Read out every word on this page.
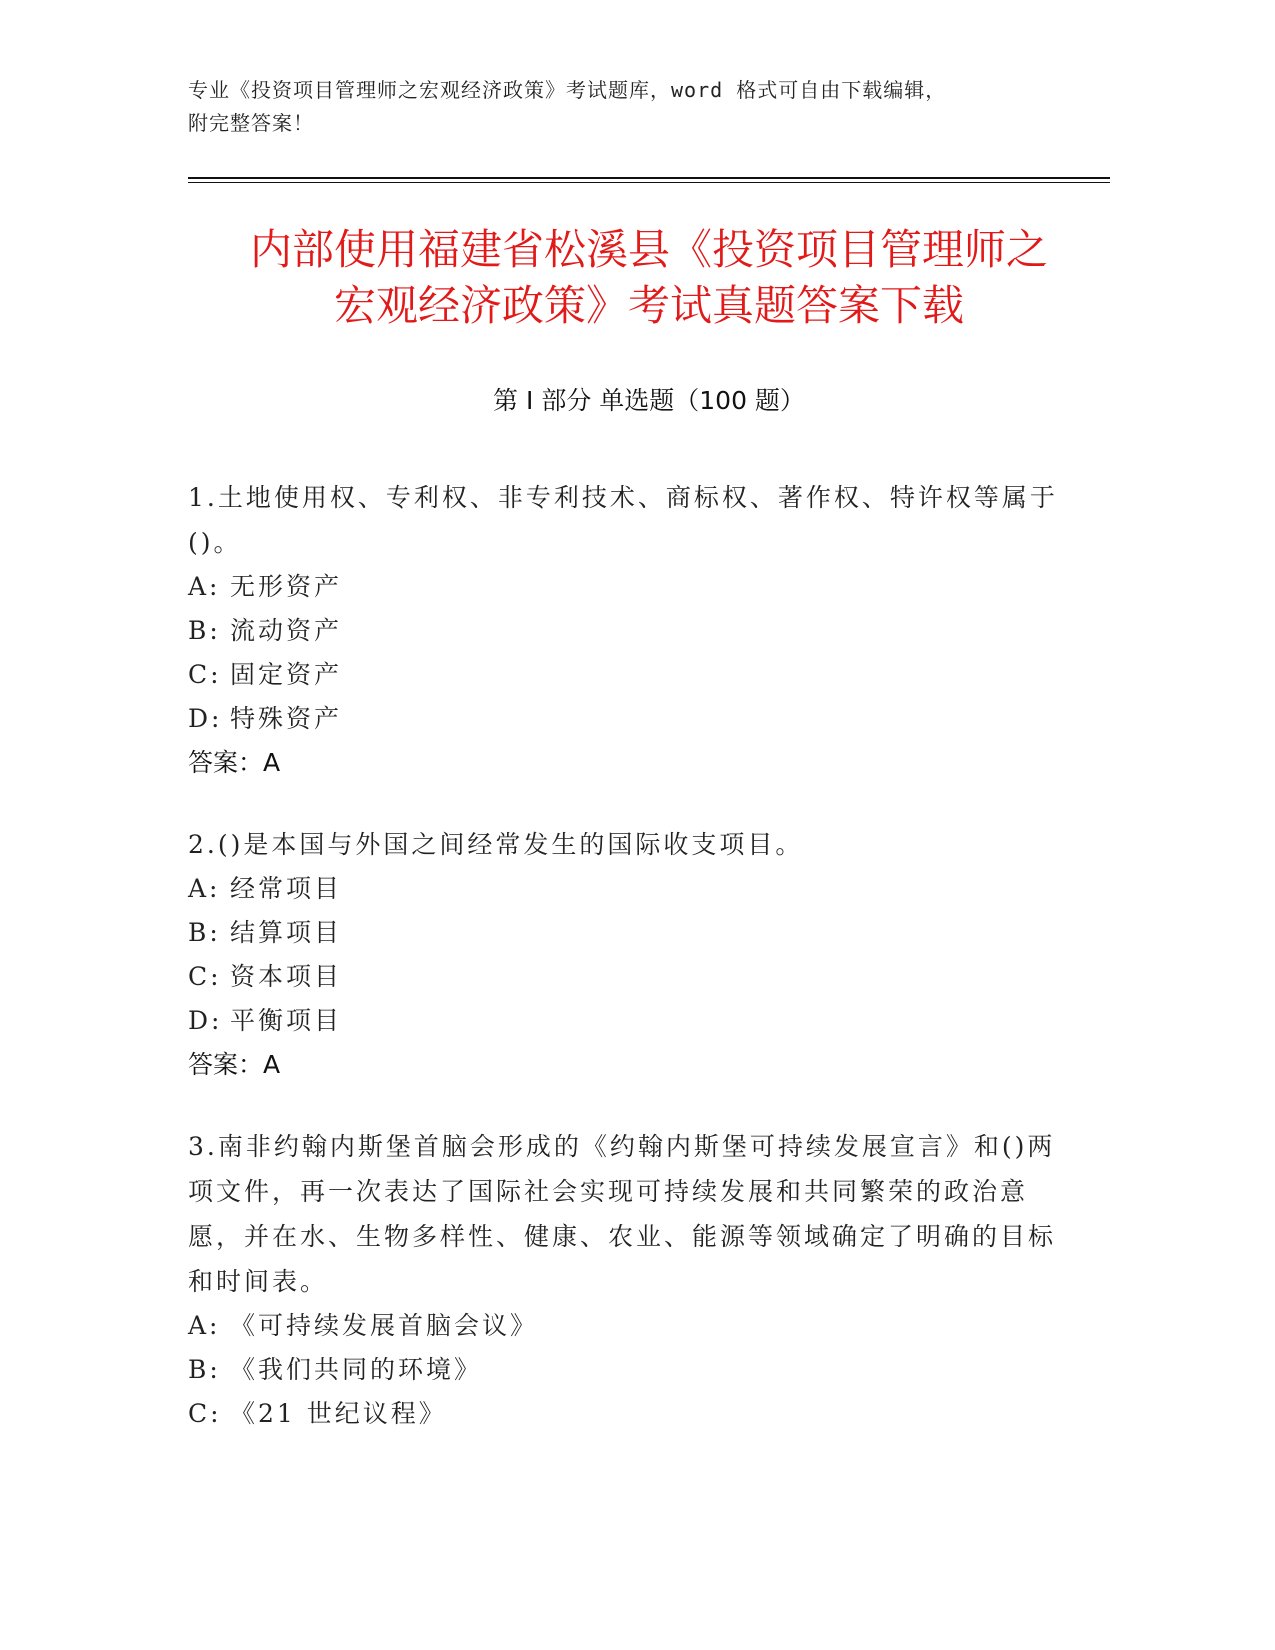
专业《投资项目管理师之宏观经济政策》考试题库，word 格式可自由下载编辑，
附完整答案！
内部使用福建省松溪县《投资项目管理师之
宏观经济政策》考试真题答案下载
第 I 部分 单选题（100 题）
1.土地使用权、专利权、非专利技术、商标权、著作权、特许权等属于()。
A: 无形资产
B: 流动资产
C: 固定资产
D: 特殊资产
答案：A
2.()是本国与外国之间经常发生的国际收支项目。
A: 经常项目
B: 结算项目
C: 资本项目
D: 平衡项目
答案：A
3.南非约翰内斯堡首脑会形成的《约翰内斯堡可持续发展宣言》和()两项文件，再一次表达了国际社会实现可持续发展和共同繁荣的政治意愿，并在水、生物多样性、健康、农业、能源等领域确定了明确的目标和时间表。
A: 《可持续发展首脑会议》
B: 《我们共同的环境》
C: 《21 世纪议程》
